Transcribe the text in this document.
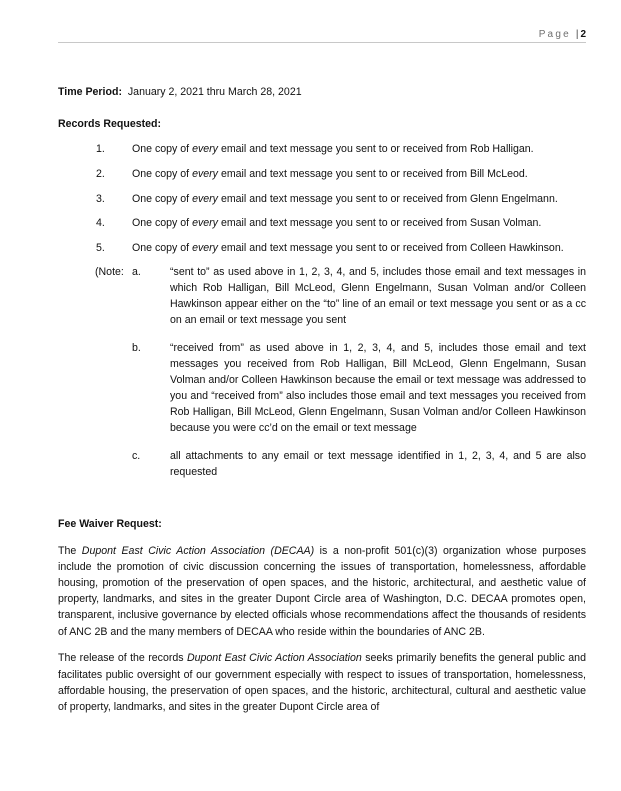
Page | 2
Time Period: January 2, 2021 thru March 28, 2021
Records Requested:
1.	One copy of every email and text message you sent to or received from Rob Halligan.
2.	One copy of every email and text message you sent to or received from Bill McLeod.
3.	One copy of every email and text message you sent to or received from Glenn Engelmann.
4.	One copy of every email and text message you sent to or received from Susan Volman.
5.	One copy of every email and text message you sent to or received from Colleen Hawkinson.
(Note: a.	“sent to” as used above in 1, 2, 3, 4, and 5, includes those email and text messages in which Rob Halligan, Bill McLeod, Glenn Engelmann, Susan Volman and/or Colleen Hawkinson appear either on the “to” line of an email or text message you sent or as a cc on an email or text message you sent
b.	“received from” as used above in 1, 2, 3, 4, and 5, includes those email and text messages you received from Rob Halligan, Bill McLeod, Glenn Engelmann, Susan Volman and/or Colleen Hawkinson because the email or text message was addressed to you and “received from” also includes those email and text messages you received from Rob Halligan, Bill McLeod, Glenn Engelmann, Susan Volman and/or Colleen Hawkinson because you were cc’d on the email or text message
c.	all attachments to any email or text message identified in 1, 2, 3, 4, and 5 are also requested
Fee Waiver Request:

The Dupont East Civic Action Association (DECAA) is a non-profit 501(c)(3) organization whose purposes include the promotion of civic discussion concerning the issues of transportation, homelessness, affordable housing, promotion of the preservation of open spaces, and the historic, architectural, and aesthetic value of property, landmarks, and sites in the greater Dupont Circle area of Washington, D.C. DECAA promotes open, transparent, inclusive governance by elected officials whose recommendations affect the thousands of residents of ANC 2B and the many members of DECAA who reside within the boundaries of ANC 2B.

The release of the records Dupont East Civic Action Association seeks primarily benefits the general public and facilitates public oversight of our government especially with respect to issues of transportation, homelessness, affordable housing, the preservation of open spaces, and the historic, architectural, cultural and aesthetic value of property, landmarks, and sites in the greater Dupont Circle area of
